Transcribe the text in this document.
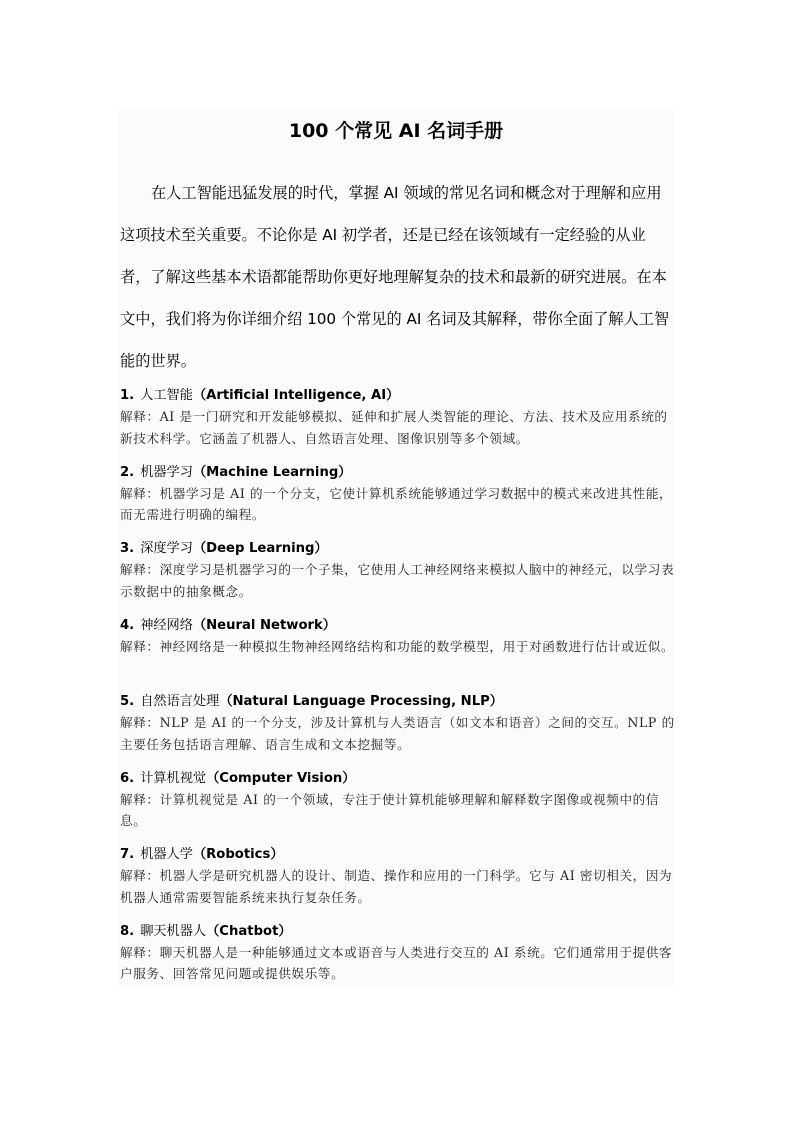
100 个常见 AI 名词手册

在人工智能迅猛发展的时代，掌握 AI 领域的常见名词和概念对于理解和应用这项技术至关重要。不论你是 AI 初学者，还是已经在该领域有一定经验的从业者，了解这些基本术语都能帮助你更好地理解复杂的技术和最新的研究进展。在本文中，我们将为你详细介绍 100 个常见的 AI 名词及其解释，带你全面了解人工智能的世界。

1. 人工智能（Artificial Intelligence, AI）

解释：AI 是一门研究和开发能够模拟、延伸和扩展人类智能的理论、方法、技术及应用系统的新技术科学。它涵盖了机器人、自然语言处理、图像识别等多个领域。

2. 机器学习（Machine Learning）

解释：机器学习是 AI 的一个分支，它使计算机系统能够通过学习数据中的模式来改进其性能，而无需进行明确的编程。

3. 深度学习（Deep Learning）

解释：深度学习是机器学习的一个子集，它使用人工神经网络来模拟人脑中的神经元，以学习表示数据中的抽象概念。

4. 神经网络（Neural Network）

解释：神经网络是一种模拟生物神经网络结构和功能的数学模型，用于对函数进行估计或近似。

5. 自然语言处理（Natural Language Processing, NLP）

解释：NLP 是 AI 的一个分支，涉及计算机与人类语言（如文本和语音）之间的交互。NLP 的主要任务包括语言理解、语言生成和文本挖掘等。

6. 计算机视觉（Computer Vision）

解释：计算机视觉是 AI 的一个领域，专注于使计算机能够理解和解释数字图像或视频中的信息。

7. 机器人学（Robotics）

解释：机器人学是研究机器人的设计、制造、操作和应用的一门科学。它与 AI 密切相关，因为机器人通常需要智能系统来执行复杂任务。

8. 聊天机器人（Chatbot）

解释：聊天机器人是一种能够通过文本或语音与人类进行交互的 AI 系统。它们通常用于提供客户服务、回答常见问题或提供娱乐等。
